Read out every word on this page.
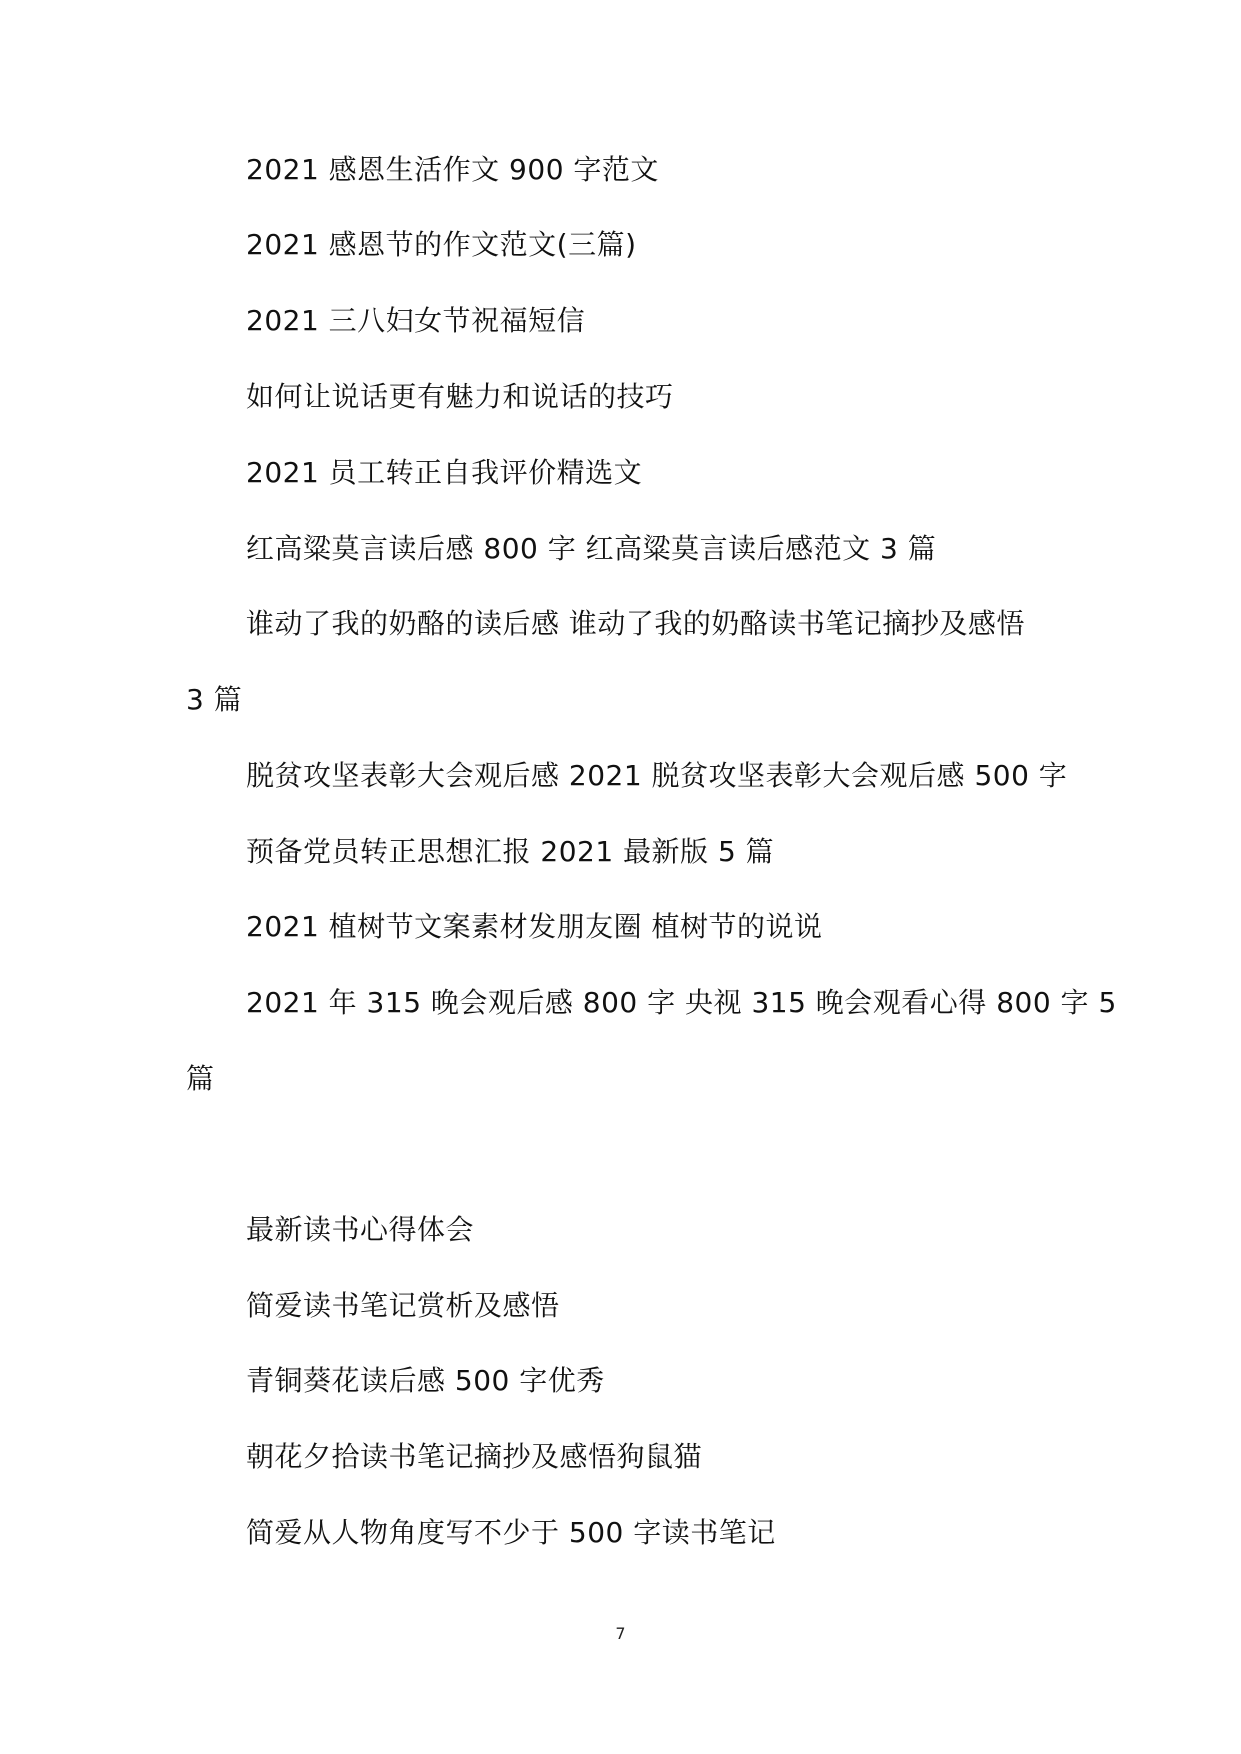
2021 感恩生活作文 900 字范文
2021 感恩节的作文范文(三篇)
2021 三八妇女节祝福短信
如何让说话更有魅力和说话的技巧
2021 员工转正自我评价精选文
红高粱莫言读后感 800 字 红高粱莫言读后感范文 3 篇
谁动了我的奶酪的读后感 谁动了我的奶酪读书笔记摘抄及感悟
3 篇
脱贫攻坚表彰大会观后感 2021 脱贫攻坚表彰大会观后感 500 字
预备党员转正思想汇报 2021 最新版 5 篇
2021 植树节文案素材发朋友圈 植树节的说说
2021 年 315 晚会观后感 800 字 央视 315 晚会观看心得 800 字 5
篇
最新读书心得体会
简爱读书笔记赏析及感悟
青铜葵花读后感 500 字优秀
朝花夕拾读书笔记摘抄及感悟狗鼠猫
简爱从人物角度写不少于 500 字读书笔记
7
